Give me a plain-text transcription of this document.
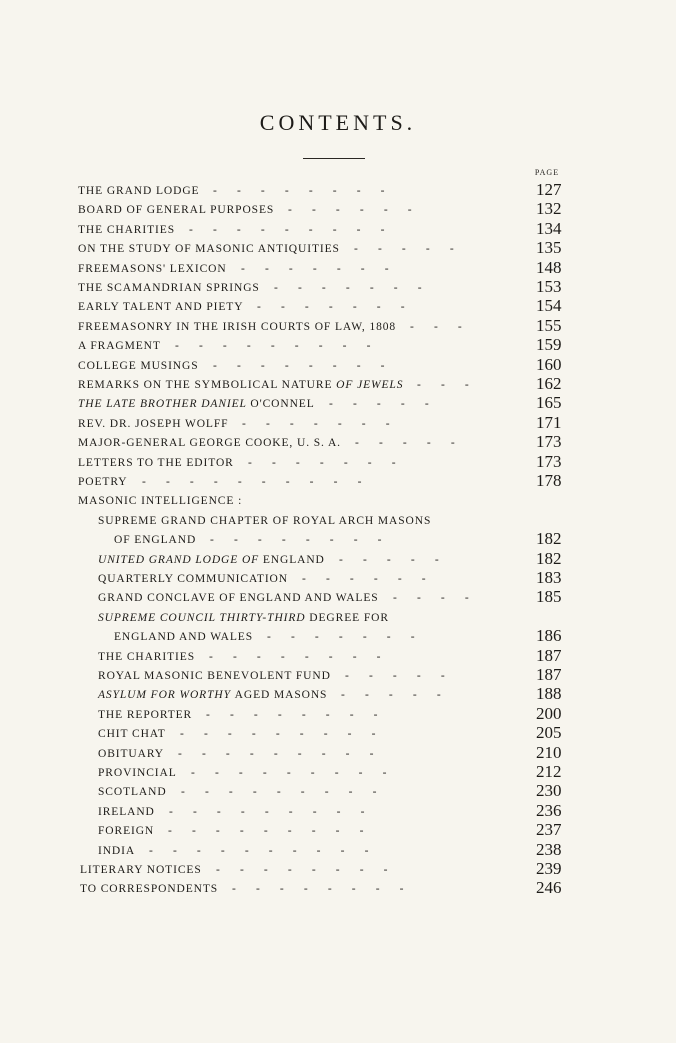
CONTENTS.
PAGE
THE GRAND LODGE -       -       -       -       -       -       -       -	127
BOARD OF GENERAL PURPOSES -       -       -       -       -       -	132
THE CHARITIES -       -       -       -       -       -       -       -       -	134
ON THE STUDY OF MASONIC ANTIQUITIES -       -       -       -       -	135
FREEMASONS' LEXICON -       -       -       -       -       -       -	148
THE SCAMANDRIAN SPRINGS -       -       -       -       -       -       -	153
EARLY TALENT AND PIETY -       -       -       -       -       -       -	154
FREEMASONRY IN THE IRISH COURTS OF LAW, 1808 -       -       -	155
A FRAGMENT -       -       -       -       -       -       -       -       -	159
COLLEGE MUSINGS -       -       -       -       -       -       -       -	160
REMARKS ON THE SYMBOLICAL NATURE OF JEWELS -       -       -	162
THE LATE BROTHER DANIEL O'CONNEL -       -       -       -       -	165
REV. DR. JOSEPH WOLFF -       -       -       -       -       -       -	171
MAJOR-GENERAL GEORGE COOKE, U. S. A. -       -       -       -       -	173
LETTERS TO THE EDITOR -       -       -       -       -       -       -	173
POETRY -       -       -       -       -       -       -       -       -       -	178
MASONIC INTELLIGENCE :
SUPREME GRAND CHAPTER OF ROYAL ARCH MASONS
OF ENGLAND -       -       -       -       -       -       -       -	182
UNITED GRAND LODGE OF ENGLAND -       -       -       -       -	182
QUARTERLY COMMUNICATION -       -       -       -       -       -	183
GRAND CONCLAVE OF ENGLAND AND WALES -       -       -       -	185
SUPREME COUNCIL THIRTY-THIRD DEGREE FOR
ENGLAND AND WALES -       -       -       -       -       -       -	186
THE CHARITIES -       -       -       -       -       -       -       -	187
ROYAL MASONIC BENEVOLENT FUND -       -       -       -       -	187
ASYLUM FOR WORTHY AGED MASONS -       -       -       -       -	188
THE REPORTER -       -       -       -       -       -       -       -	200
CHIT CHAT -       -       -       -       -       -       -       -       -	205
OBITUARY -       -       -       -       -       -       -       -       -	210
PROVINCIAL -       -       -       -       -       -       -       -       -	212
SCOTLAND -       -       -       -       -       -       -       -       -	230
IRELAND -       -       -       -       -       -       -       -       -	236
FOREIGN -       -       -       -       -       -       -       -       -	237
INDIA -       -       -       -       -       -       -       -       -       -	238
LITERARY NOTICES -       -       -       -       -       -       -       -	239
TO CORRESPONDENTS -       -       -       -       -       -       -       -	246
